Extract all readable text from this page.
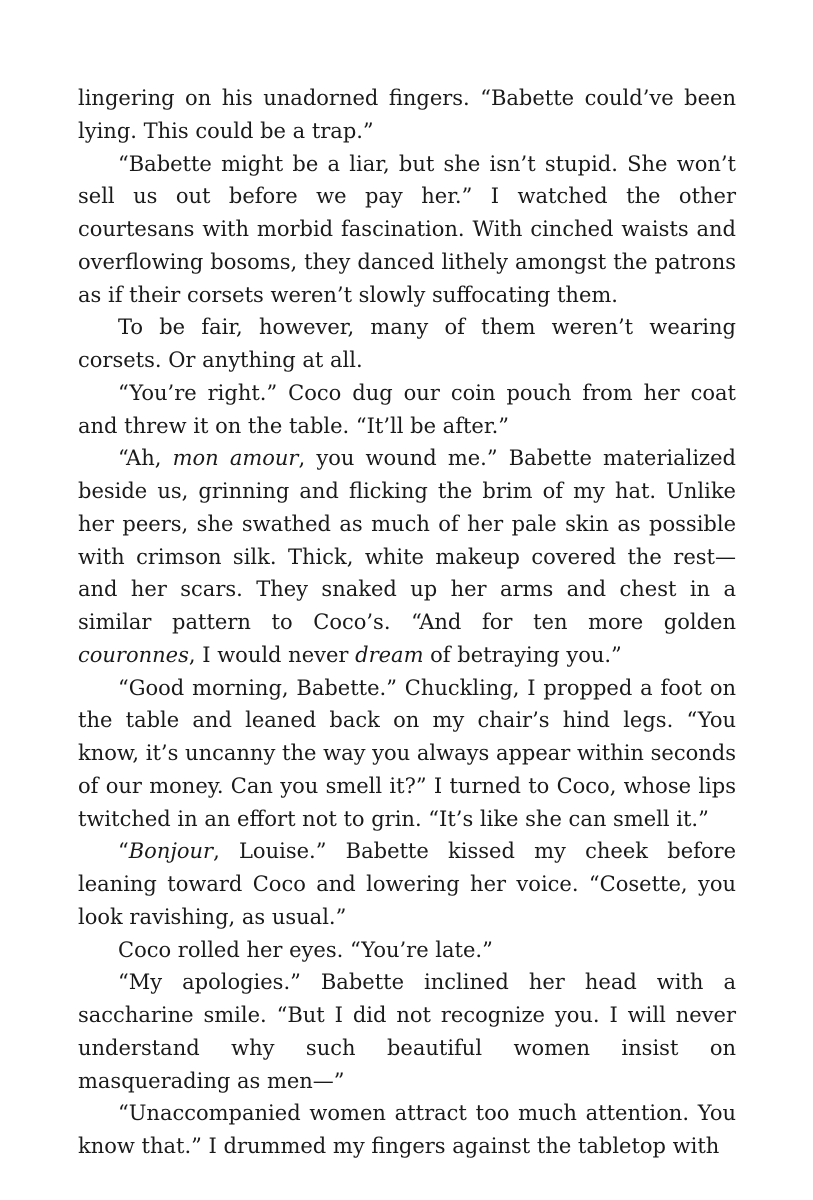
lingering on his unadorned fingers. “Babette could’ve been lying. This could be a trap.”

“Babette might be a liar, but she isn’t stupid. She won’t sell us out before we pay her.” I watched the other courtesans with morbid fascination. With cinched waists and overflowing bosoms, they danced lithely amongst the patrons as if their corsets weren’t slowly suffocating them.

To be fair, however, many of them weren’t wearing corsets. Or anything at all.

“You’re right.” Coco dug our coin pouch from her coat and threw it on the table. “It’ll be after.”

“Ah, mon amour, you wound me.” Babette materialized beside us, grinning and flicking the brim of my hat. Unlike her peers, she swathed as much of her pale skin as possible with crimson silk. Thick, white makeup covered the rest—and her scars. They snaked up her arms and chest in a similar pattern to Coco’s. “And for ten more golden couronnes, I would never dream of betraying you.”

“Good morning, Babette.” Chuckling, I propped a foot on the table and leaned back on my chair’s hind legs. “You know, it’s uncanny the way you always appear within seconds of our money. Can you smell it?” I turned to Coco, whose lips twitched in an effort not to grin. “It’s like she can smell it.”

“Bonjour, Louise.” Babette kissed my cheek before leaning toward Coco and lowering her voice. “Cosette, you look ravishing, as usual.”

Coco rolled her eyes. “You’re late.”

“My apologies.” Babette inclined her head with a saccharine smile. “But I did not recognize you. I will never understand why such beautiful women insist on masquerading as men—”

“Unaccompanied women attract too much attention. You know that.” I drummed my fingers against the tabletop with
